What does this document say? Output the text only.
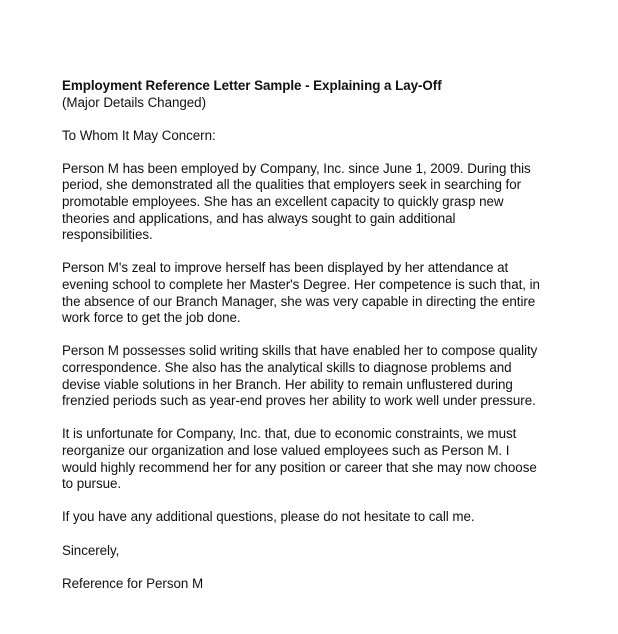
Employment Reference Letter Sample - Explaining a Lay-Off

(Major Details Changed)

To Whom It May Concern:

Person M has been employed by Company, Inc. since June 1, 2009. During this
period, she demonstrated all the qualities that employers seek in searching for
promotable employees. She has an excellent capacity to quickly grasp new
theories and applications, and has always sought to gain additional
responsibilities.

Person M's zeal to improve herself has been displayed by her attendance at
evening school to complete her Master's Degree. Her competence is such that, in
the absence of our Branch Manager, she was very capable in directing the entire
work force to get the job done.

Person M possesses solid writing skills that have enabled her to compose quality
correspondence. She also has the analytical skills to diagnose problems and
devise viable solutions in her Branch. Her ability to remain unflustered during
frenzied periods such as year-end proves her ability to work well under pressure.

It is unfortunate for Company, Inc. that, due to economic constraints, we must
reorganize our organization and lose valued employees such as Person M. I
would highly recommend her for any position or career that she may now choose
to pursue.

If you have any additional questions, please do not hesitate to call me.

Sincerely,

Reference for Person M
